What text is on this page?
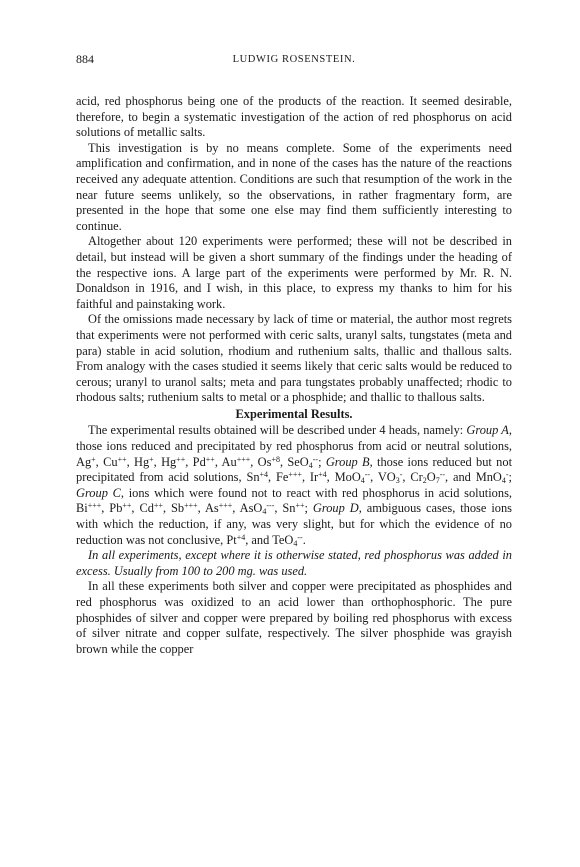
884	LUDWIG ROSENSTEIN.

acid, red phosphorus being one of the products of the reaction. It seemed desirable, therefore, to begin a systematic investigation of the action of red phosphorus on acid solutions of metallic salts.

This investigation is by no means complete. Some of the experiments need amplification and confirmation, and in none of the cases has the nature of the reactions received any adequate attention. Conditions are such that resumption of the work in the near future seems unlikely, so the observations, in rather fragmentary form, are presented in the hope that some one else may find them sufficiently interesting to continue.

Altogether about 120 experiments were performed; these will not be described in detail, but instead will be given a short summary of the findings under the heading of the respective ions. A large part of the experiments were performed by Mr. R. N. Donaldson in 1916, and I wish, in this place, to express my thanks to him for his faithful and painstaking work.

Of the omissions made necessary by lack of time or material, the author most regrets that experiments were not performed with ceric salts, uranyl salts, tungstates (meta and para) stable in acid solution, rhodium and ruthenium salts, thallic and thallous salts. From analogy with the cases studied it seems likely that ceric salts would be reduced to cerous; uranyl to uranol salts; meta and para tungstates probably unaffected; rhodic to rhodous salts; ruthenium salts to metal or a phosphide; and thallic to thallous salts.

Experimental Results.

The experimental results obtained will be described under 4 heads, namely: Group A, those ions reduced and precipitated by red phosphorus from acid or neutral solutions, Ag+, Cu++, Hg+, Hg++, Pd++, Au+++, $Os^{+8}$, SeO$_4$--; Group B, those ions reduced but not precipitated from acid solutions, $Sn^{+4}$, Fe+++, $Ir^{+4}$, MoO$_4$--, $VO_3^-$, $Cr_2O_7^{--}$, and MnO$_4$-; Group C, ions which were found not to react with red phosphorus in acid solutions, Bi+++, Pb++, Cd++, Sb+++, As+++, AsO$_4$---, Sn++; Group D, ambiguous cases, those ions with which the reduction, if any, was very slight, but for which the evidence of no reduction was not conclusive, $Pt^{+4}$, and TeO$_4$--.

In all experiments, except where it is otherwise stated, red phosphorus was added in excess. Usually from 100 to 200 mg. was used.

In all these experiments both silver and copper were precipitated as phosphides and red phosphorus was oxidized to an acid lower than orthophosphoric. The pure phosphides of silver and copper were prepared by boiling red phosphorus with excess of silver nitrate and copper sulfate, respectively. The silver phosphide was grayish brown while the copper
